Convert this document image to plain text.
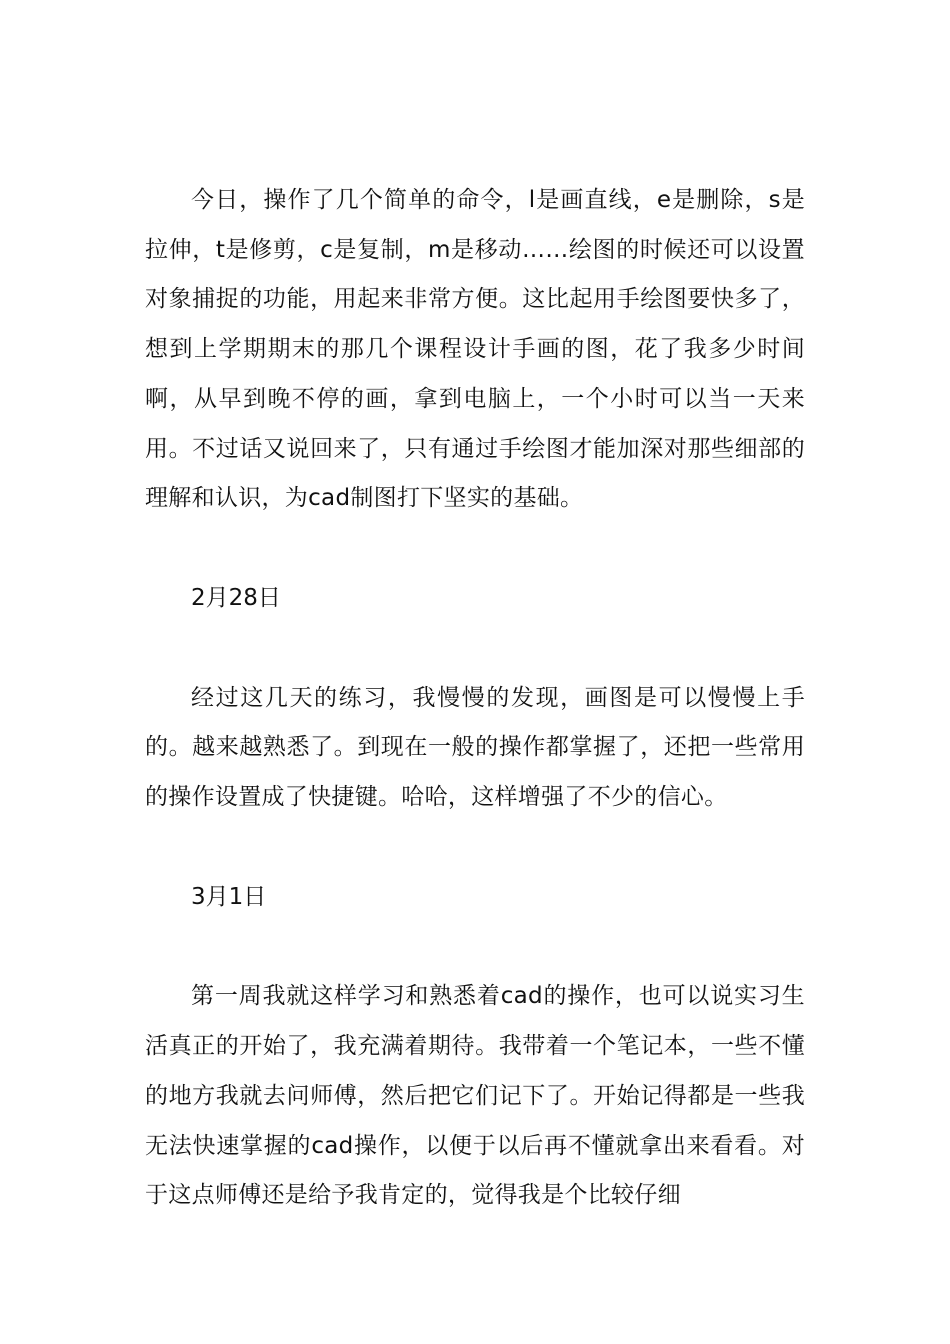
今日，操作了几个简单的命令，l是画直线，e是删除，s是拉伸，t是修剪，c是复制，m是移动……绘图的时候还可以设置对象捕捉的功能，用起来非常方便。这比起用手绘图要快多了，想到上学期期末的那几个课程设计手画的图，花了我多少时间啊，从早到晚不停的画，拿到电脑上，一个小时可以当一天来用。不过话又说回来了，只有通过手绘图才能加深对那些细部的理解和认识，为cad制图打下坚实的基础。

2月28日

经过这几天的练习，我慢慢的发现，画图是可以慢慢上手的。越来越熟悉了。到现在一般的操作都掌握了，还把一些常用的操作设置成了快捷键。哈哈，这样增强了不少的信心。

3月1日

第一周我就这样学习和熟悉着cad的操作，也可以说实习生活真正的开始了，我充满着期待。我带着一个笔记本，一些不懂的地方我就去问师傅，然后把它们记下了。开始记得都是一些我无法快速掌握的cad操作，以便于以后再不懂就拿出来看看。对于这点师傅还是给予我肯定的，觉得我是个比较仔细
